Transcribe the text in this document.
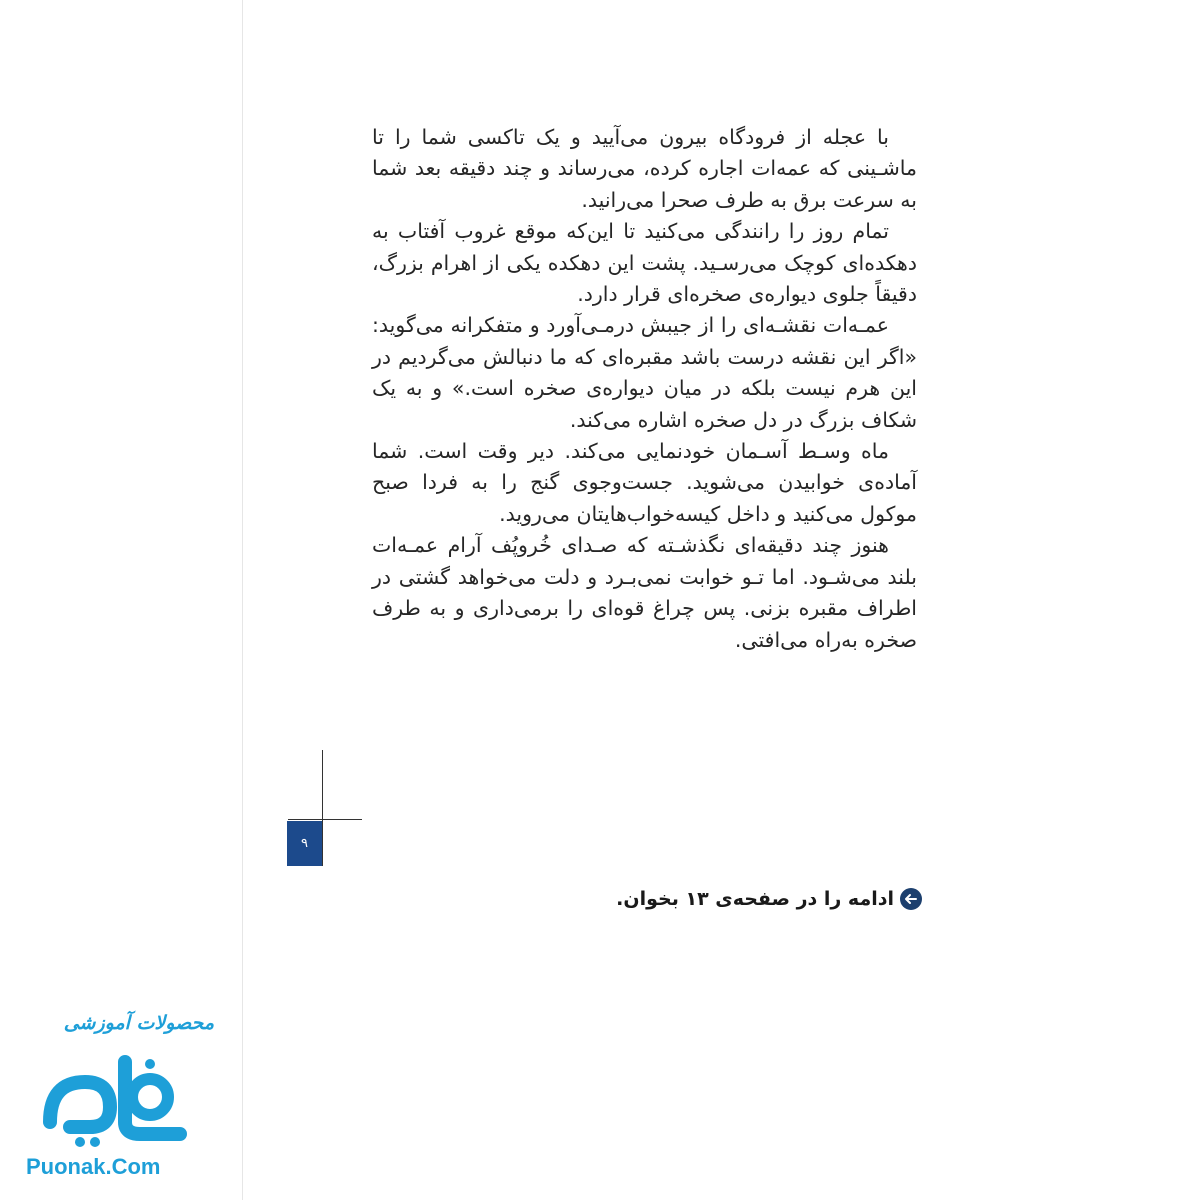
با عجله از فرودگاه بیرون می‌آیید و یک تاکسی شما را تا ماشـینی که عمه‌ات اجاره کرده، می‌رساند و چند دقیقه بعد شما به سرعت برق به طرف صحرا می‌رانید.

تمام روز را رانندگی می‌کنید تا این‌که موقع غروب آفتاب به دهکده‌ای کوچک می‌رسـید. پشت این دهکده یکی از اهرام بزرگ، دقیقاً جلوی دیواره‌ی صخره‌ای قرار دارد.

عمـه‌ات نقشـه‌ای را از جیبش درمـی‌آورد و متفکرانه می‌گوید: «اگر این نقشه درست باشد مقبره‌ای که ما دنبالش می‌گردیم در این هرم نیست بلکه در میان دیواره‌ی صخره است.» و به یک شکاف بزرگ در دل صخره اشاره می‌کند.

ماه وسـط آسـمان خودنمایی می‌کند. دیر وقت است. شما آماده‌ی خوابیدن می‌شوید. جست‌وجوی گنج را به فردا صبح موکول می‌کنید و داخل کیسه‌خواب‌هایتان می‌روید.

هنوز چند دقیقه‌ای نگذشـته که صـدای خُروپُف آرام عمـه‌ات بلند می‌شـود. اما تـو خوابت نمی‌بـرد و دلت می‌خواهد گشتی در اطراف مقبره بزنی. پس چراغ قوه‌ای را برمی‌داری و به طرف صخره به‌راه می‌افتی.

ادامه را در صفحه‌ی ۱۳ بخوان.
۹
محصولات آموزشی
Puonak.Com
